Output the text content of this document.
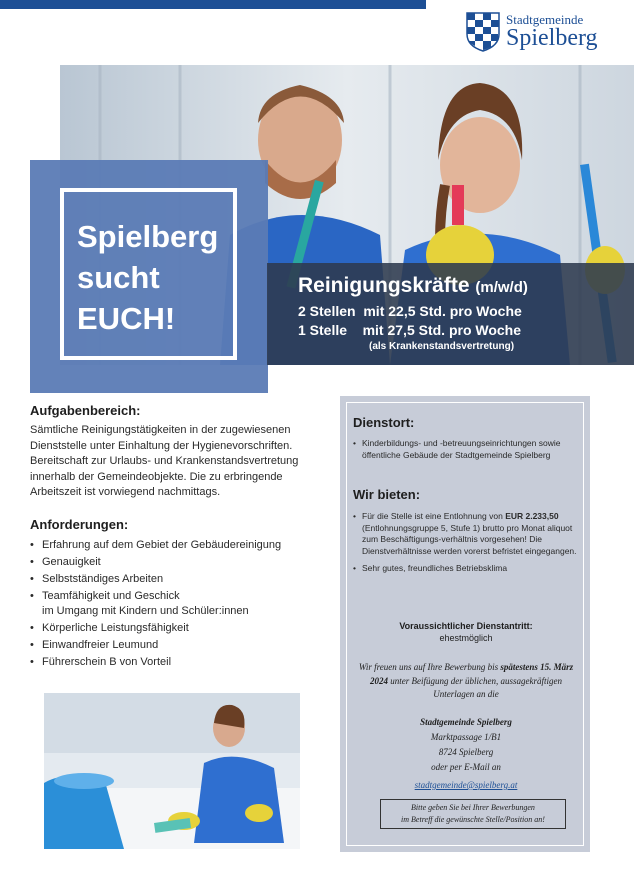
Stadtgemeinde
Spielberg
Spielberg
sucht
EUCH!
Reinigungskräfte (m/w/d)
2 Stellen  mit 22,5 Std. pro Woche
1 Stelle    mit 27,5 Std. pro Woche
(als Krankenstandsvertretung)
Aufgabenbereich:

Sämtliche Reinigungstätigkeiten in der zugewiesenen Dienststelle unter Einhaltung der Hygienevorschriften. Bereitschaft zur Urlaubs- und Krankenstandsvertretung innerhalb der Gemeindeobjekte. Die zu erbringende Arbeitszeit ist vorwiegend nachmittags.

Anforderungen:
• Erfahrung auf dem Gebiet der Gebäudereinigung
• Genauigkeit
• Selbstständiges Arbeiten
• Teamfähigkeit und Geschick
im Umgang mit Kindern und Schüler:innen
• Körperliche Leistungsfähigkeit
• Einwandfreier Leumund
• Führerschein B von Vorteil
Dienstort:
• Kinderbildungs- und -betreuungseinrichtungen sowie öffentliche Gebäude der Stadtgemeinde Spielberg
Wir bieten:
• Für die Stelle ist eine Entlohnung von EUR 2.233,50 (Entlohnungsgruppe 5, Stufe 1) brutto pro Monat aliquot zum Beschäftigungs-verhältnis vorgesehen! Die Dienstverhältnisse werden vorerst befristet eingegangen.
• Sehr gutes, freundliches Betriebsklima
Voraussichtlicher Dienstantritt:
ehestmöglich
Wir freuen uns auf Ihre Bewerbung bis spätestens 15. März 2024 unter Beifügung der üblichen, aussagekräftigen Unterlagen an die
Stadtgemeinde Spielberg
Marktpassage 1/B1
8724 Spielberg
oder per E-Mail an
stadtgemeinde@spielberg.at
Bitte geben Sie bei Ihrer Bewerbungen
im Betreff die gewünschte Stelle/Position an!
